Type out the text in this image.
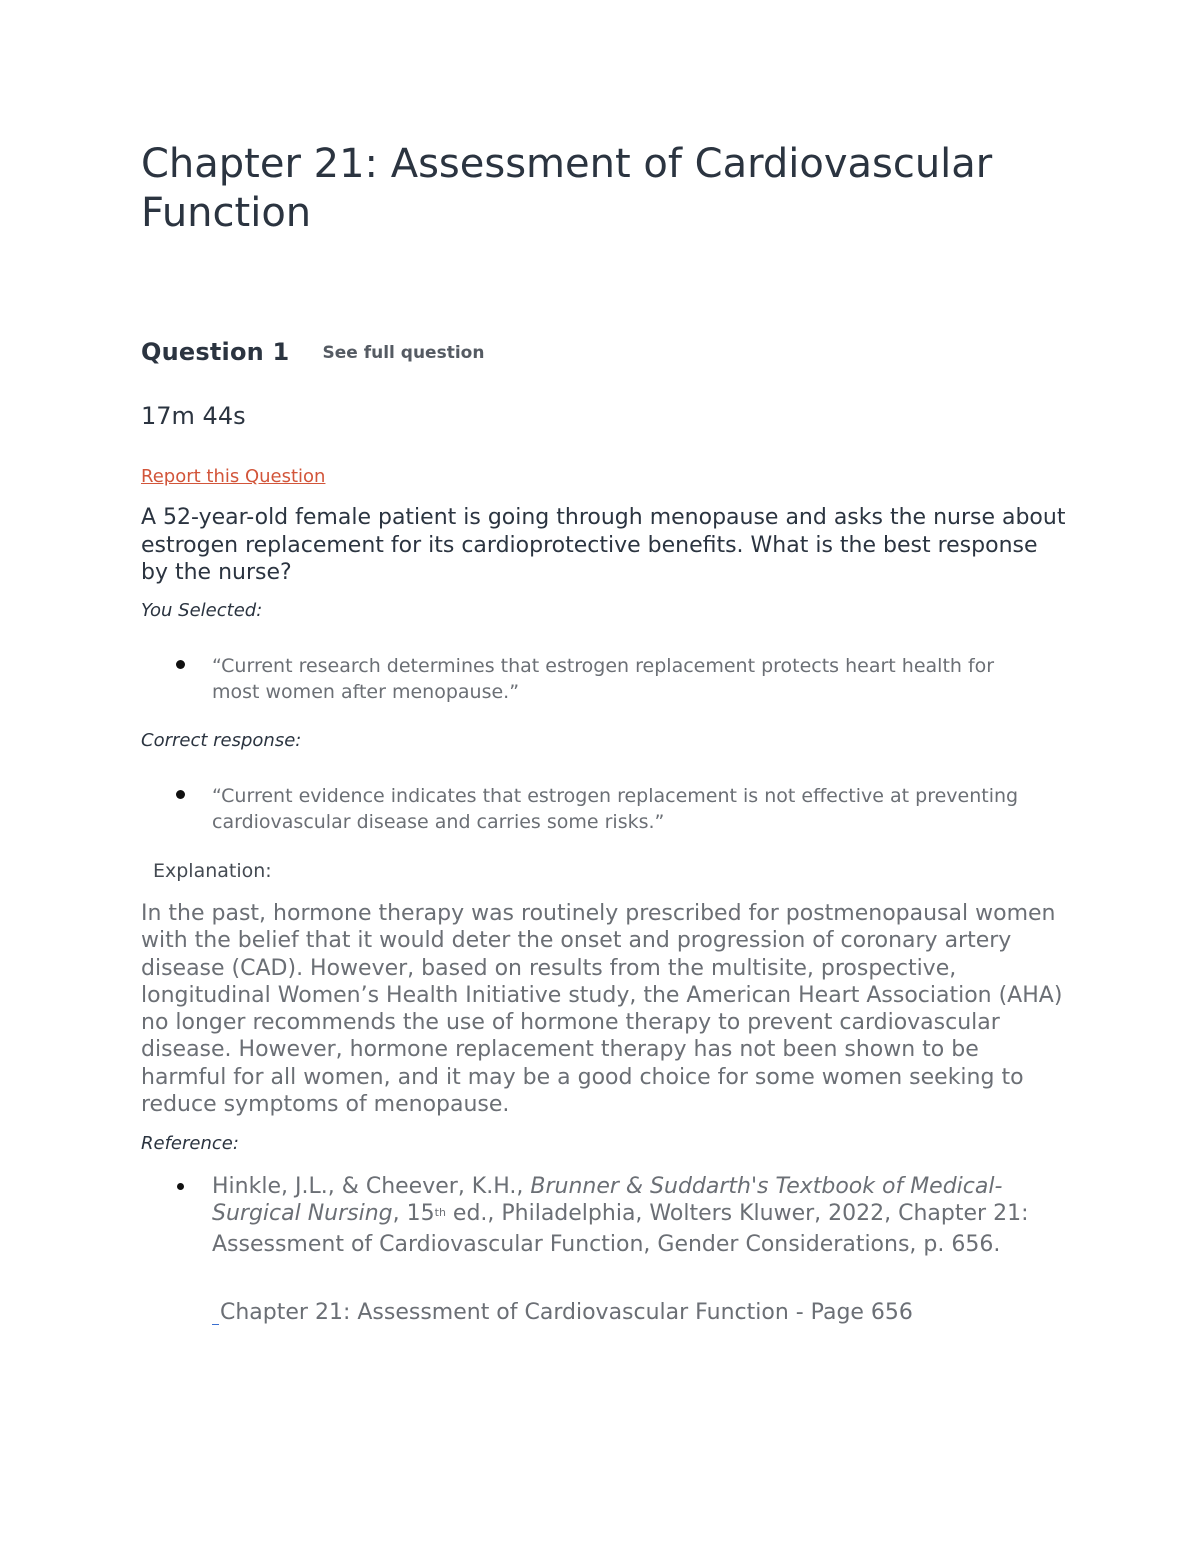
Chapter 21: Assessment of Cardiovascular Function
Question 1 See full question
17m 44s
Report this Question

A 52-year-old female patient is going through menopause and asks the nurse about estrogen replacement for its cardioprotective benefits. What is the best response by the nurse?

You Selected:
“Current research determines that estrogen replacement protects heart health for most women after menopause.”
Correct response:
“Current evidence indicates that estrogen replacement is not effective at preventing cardiovascular disease and carries some risks.”
Explanation:

In the past, hormone therapy was routinely prescribed for postmenopausal women with the belief that it would deter the onset and progression of coronary artery disease (CAD). However, based on results from the multisite, prospective, longitudinal Women’s Health Initiative study, the American Heart Association (AHA) no longer recommends the use of hormone therapy to prevent cardiovascular disease. However, hormone replacement therapy has not been shown to be harmful for all women, and it may be a good choice for some women seeking to reduce symptoms of menopause.

Reference:
Hinkle, J.L., & Cheever, K.H., Brunner & Suddarth's Textbook of Medical-Surgical Nursing, 15th ed., Philadelphia, Wolters Kluwer, 2022, Chapter 21: Assessment of Cardiovascular Function, Gender Considerations, p. 656.
Chapter 21: Assessment of Cardiovascular Function - Page 656
